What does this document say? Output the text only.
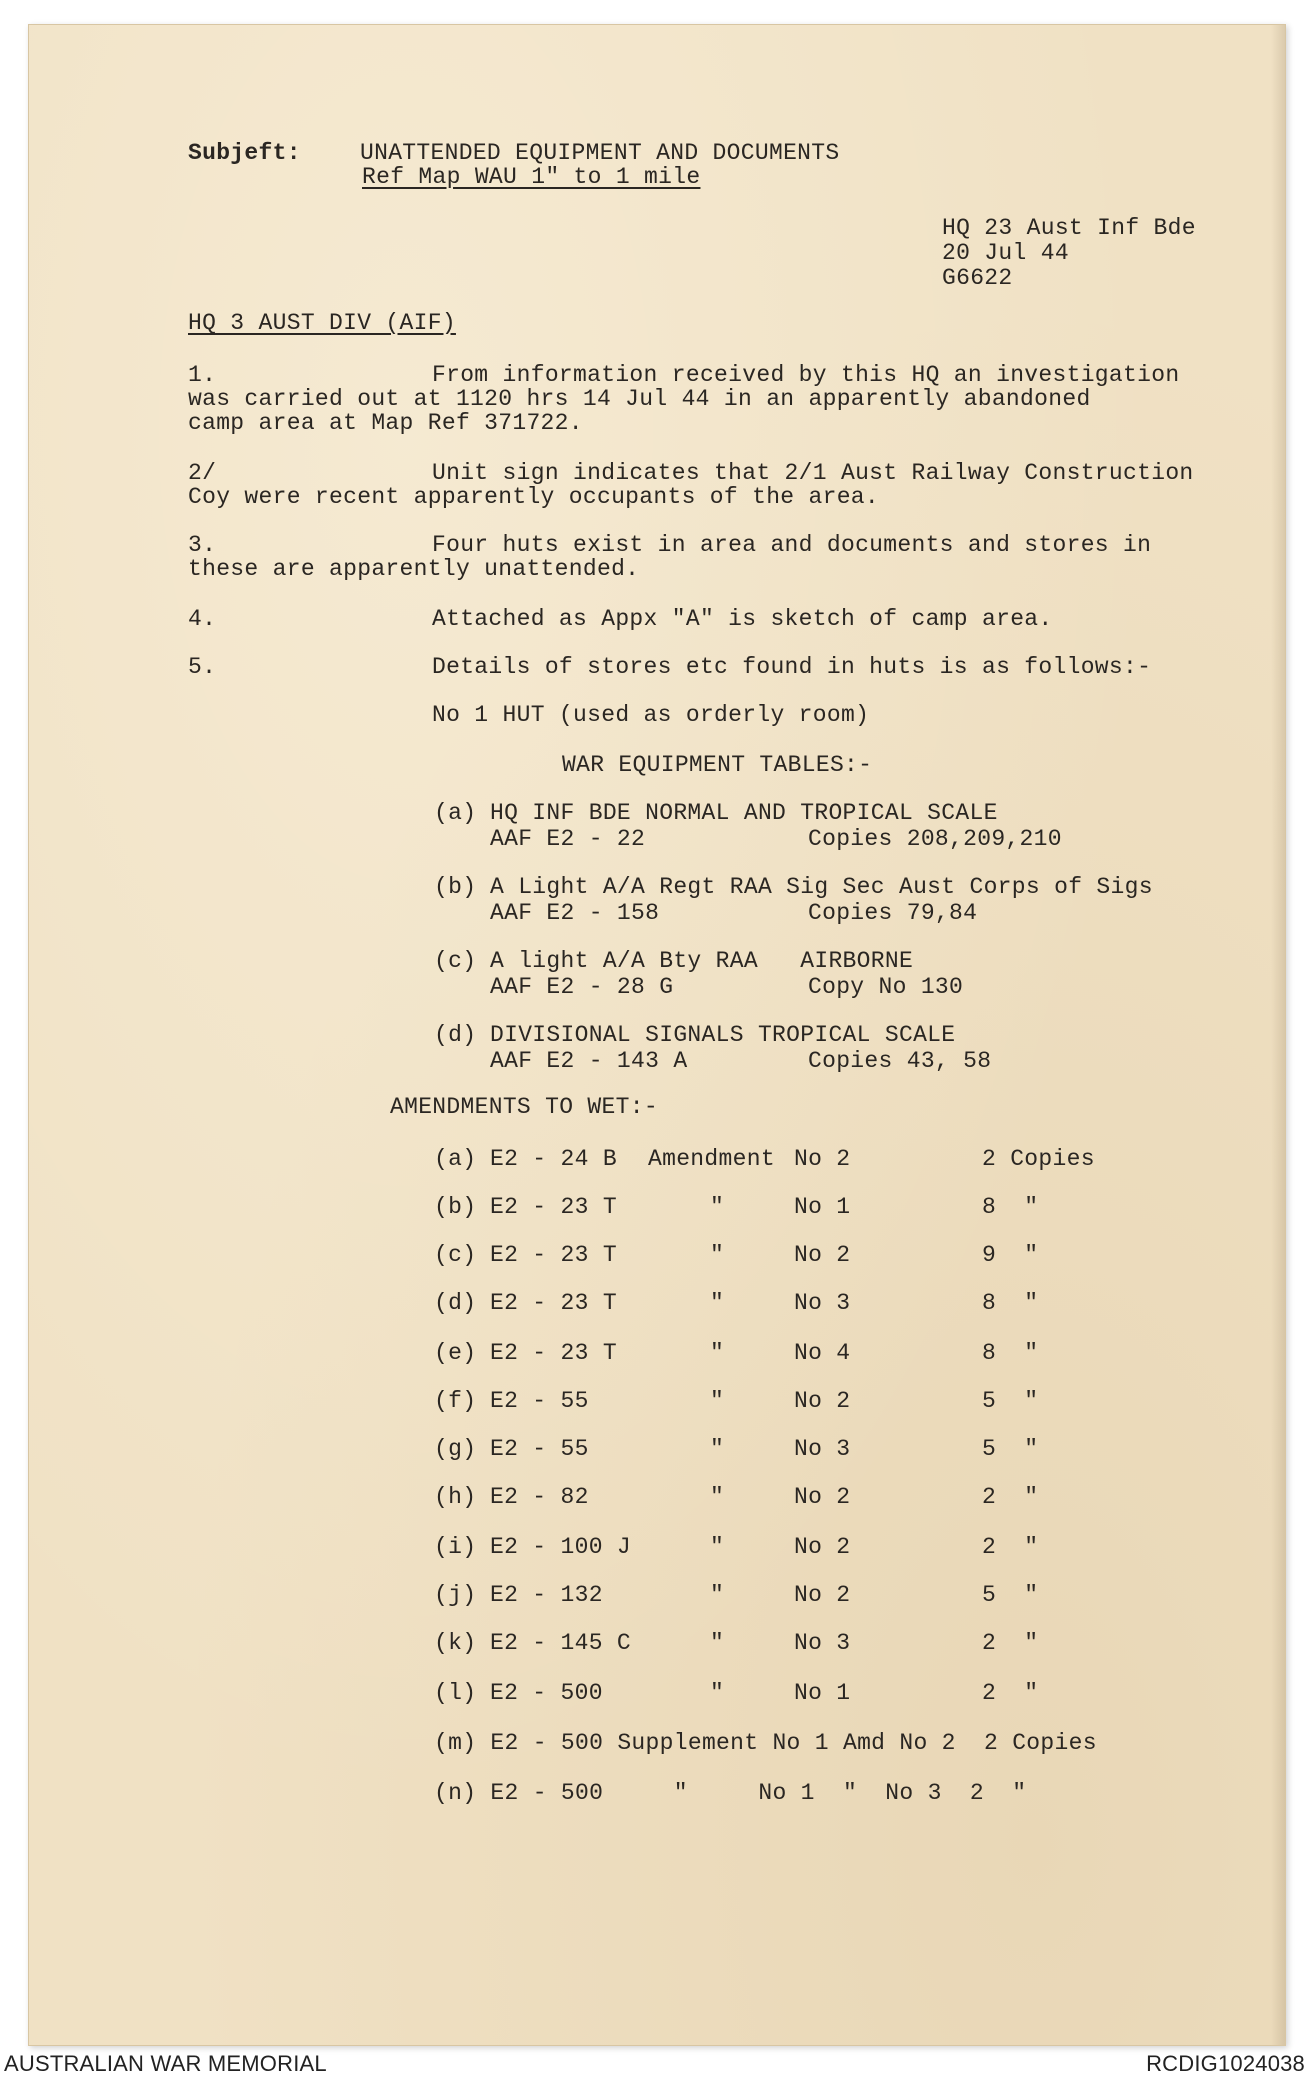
Subjeft:	UNATTENDED EQUIPMENT AND DOCUMENTS
Ref Map WAU 1" to 1 mile
HQ 23 Aust Inf Bde
20 Jul 44
G6622
HQ 3 AUST DIV (AIF)
1.	From information received by this HQ an investigation
was carried out at 1120 hrs 14 Jul 44 in an apparently abandoned
camp area at Map Ref 371722.
2/	Unit sign indicates that 2/1 Aust Railway Construction
Coy were recent apparently occupants of the area.
3.	Four huts exist in area and documents and stores in
these are apparently unattended.
4.	Attached as Appx "A" is sketch of camp area.
5.	Details of stores etc found in huts is as follows:-
No 1 HUT (used as orderly room)
WAR EQUIPMENT TABLES:-
(a) HQ INF BDE NORMAL AND TROPICAL SCALE
AAF E2 - 22	Copies 208,209,210
(b) A Light A/A Regt RAA Sig Sec Aust Corps of Sigs
AAF E2 - 158	Copies 79,84
(c) A light A/A Bty RAA   AIRBORNE
AAF E2 - 28 G	Copy No 130
(d) DIVISIONAL SIGNALS TROPICAL SCALE
AAF E2 - 143 A	Copies 43, 58
AMENDMENTS TO WET:-
(a) E2 - 24 B Amendment No 2	2 Copies
(b) E2 - 23 T	"	No 1	8  "
(c) E2 - 23 T	"	No 2	9  "
(d) E2 - 23 T	"	No 3	8  "
(e) E2 - 23 T	"	No 4	8  "
(f) E2 - 55	"	No 2	5  "
(g) E2 - 55	"	No 3	5  "
(h) E2 - 82	"	No 2	2  "
(i) E2 - 100 J	"	No 2	2  "
(j) E2 - 132	"	No 2	5  "
(k) E2 - 145 C	"	No 3	2  "
(l) E2 - 500	"	No 1	2  "
(m) E2 - 500 Supplement No 1 Amd No 2  2 Copies
(n) E2 - 500     "     No 1  "  No 3  2  "
AUSTRALIAN WAR MEMORIAL	RCDIG1024038
